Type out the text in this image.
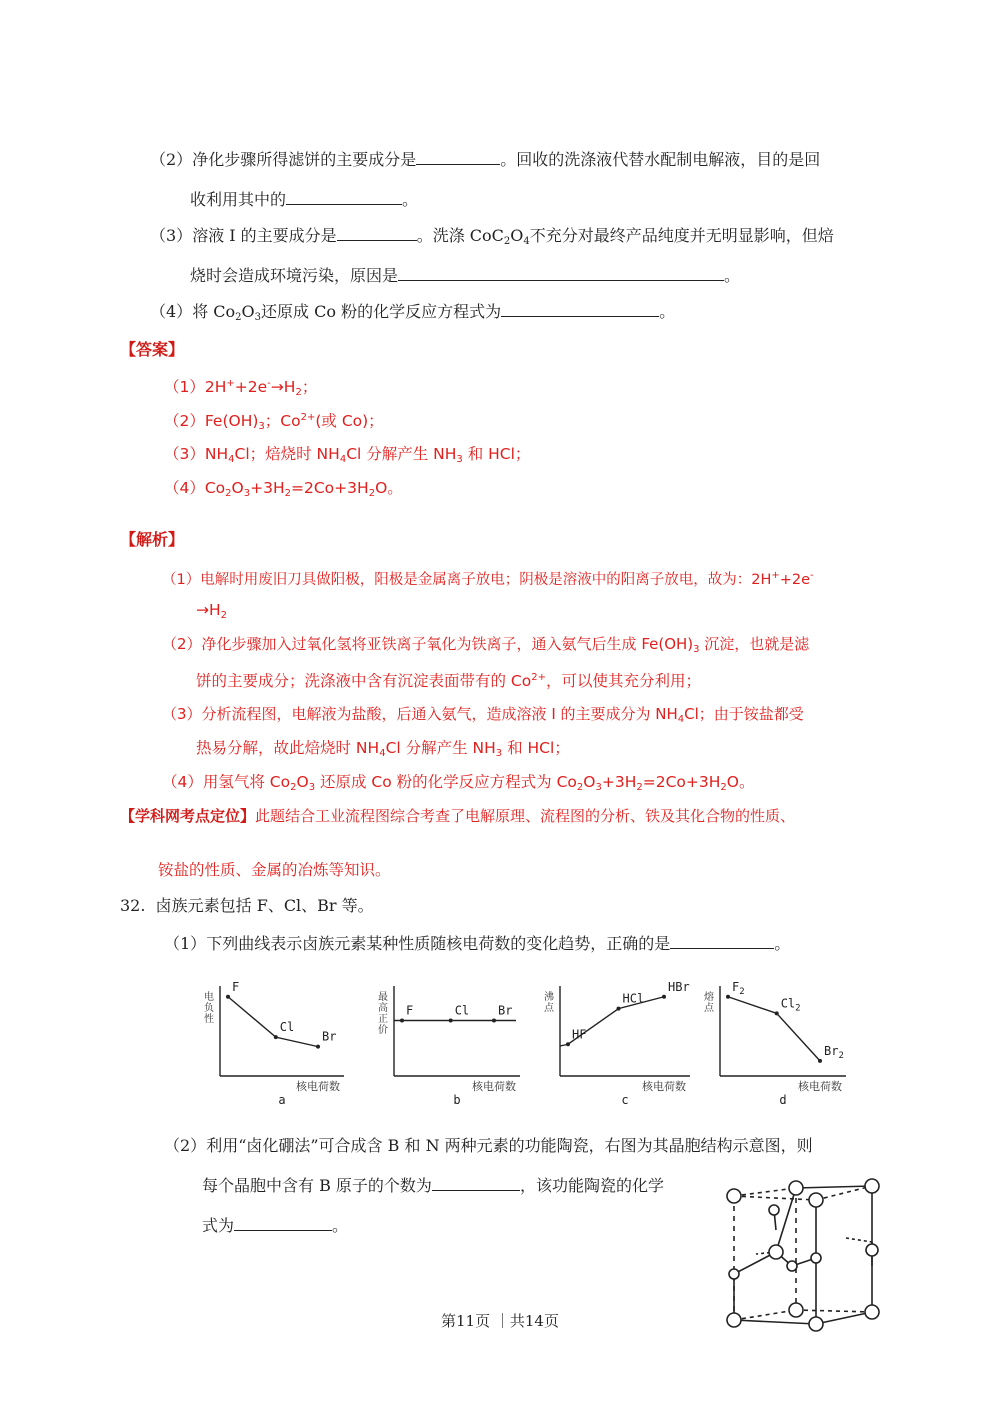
（2）净化步骤所得滤饼的主要成分是	。回收的洗涤液代替水配制电解液，目的是回
收利用其中的	。
（3）溶液 I 的主要成分是	。洗涤 $CoC_2O_4$不充分对最终产品纯度并无明显影响，但焙
烧时会造成环境污染，原因是	。
（4）将 $Co_2O_3$还原成 Co 粉的化学反应方程式为	。
【答案】
$(1)2H^++2e^-\to H_2$；
$(2)Fe(OH)_3$；$Co^{2+}$(或 Co)；
$(3)NH_4Cl$；焙烧时 $NH_4Cl$ 分解产生 $NH_3$ 和 HCl；
$(4)Co_2O_3+3H_2=2Co+3H_2O$。
【解析】
（1）电解时用废旧刀具做阳极，阳极是金属离子放电；阴极是溶液中的阳离子放电，故为：2H++2e-
$\to H_2$
（2）净化步骤加入过氧化氢将亚铁离子氧化为铁离子，通入氨气后生成 $Fe(OH)_3$ 沉淀，也就是滤
饼的主要成分；洗涤液中含有沉淀表面带有的 $Co^{2+}$，可以使其充分利用；
（3）分析流程图，电解液为盐酸，后通入氨气，造成溶液 I 的主要成分为 $NH_4Cl$；由于铵盐都受
热易分解，故此焙烧时 $NH_4Cl$ 分解产生 $NH_3$ 和 HCl；
（4）用氢气将 $Co_2O_3$ 还原成 Co 粉的化学反应方程式为 $Co_2O_3+3H_2=2Co+3H_2O$。
【学科网考点定位】此题结合工业流程图综合考查了电解原理、流程图的分析、铁及其化合物的性质、
铵盐的性质、金属的冶炼等知识。
32. 卤族元素包括 F、Cl、Br 等。
（1）下列曲线表示卤族元素某种性质随核电荷数的变化趋势，正确的是	。
电
负
性
核电荷数
a
F
Cl
Br
最
高
正
价
核电荷数
b
F	Cl Br
沸
点
核电荷数
c
HF
HCl
HBr
熔
点
核电荷数
d
$F_2$
$Cl_2$
$Br_2$
（2）利用“卤化硼法”可合成含 B 和 N 两种元素的功能陶瓷，右图为其晶胞结构示意图，则
每个晶胞中含有 B 原子的个数为	，该功能陶瓷的化学
式为	。
第11页 ｜共14页
